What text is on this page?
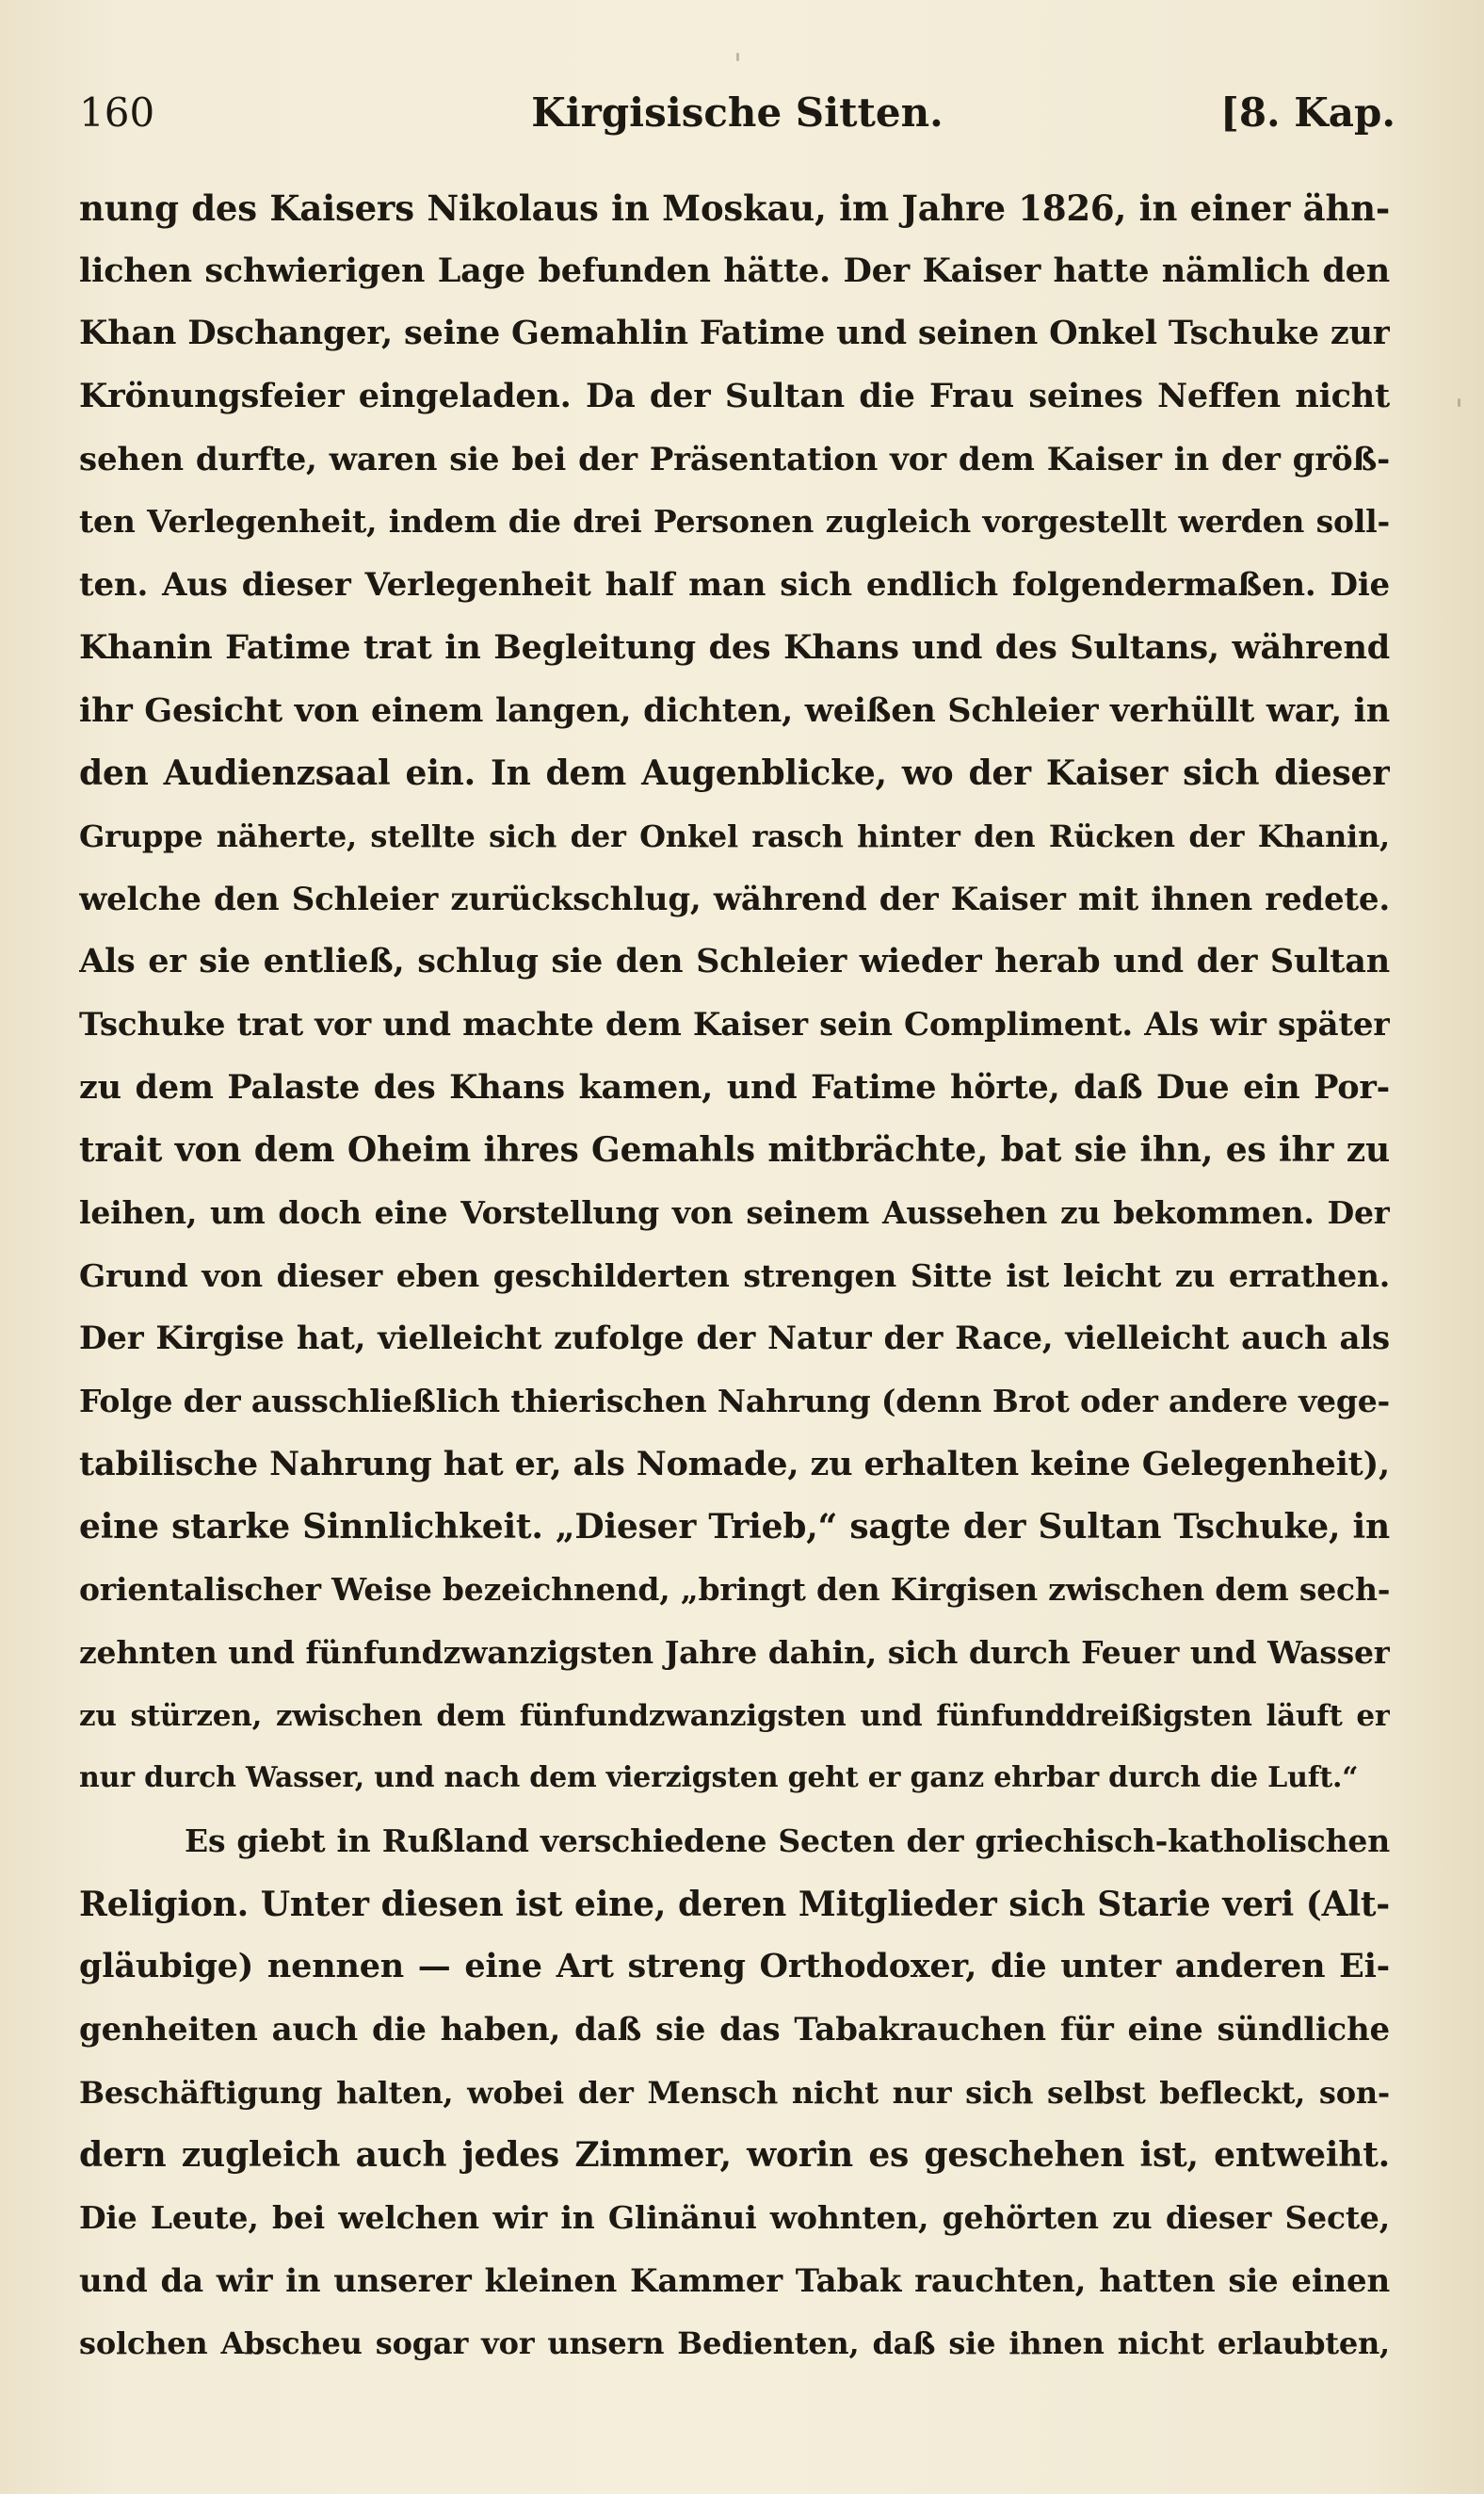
160	Kirgisische Sitten.	[8. Kap.
nung des Kaisers Nikolaus in Moskau, im Jahre 1826, in einer ähn-
lichen schwierigen Lage befunden hätte. Der Kaiser hatte nämlich den
Khan Dschanger, seine Gemahlin Fatime und seinen Onkel Tschuke zur
Krönungsfeier eingeladen. Da der Sultan die Frau seines Neffen nicht
sehen durfte, waren sie bei der Präsentation vor dem Kaiser in der größ-
ten Verlegenheit, indem die drei Personen zugleich vorgestellt werden soll-
ten. Aus dieser Verlegenheit half man sich endlich folgendermaßen. Die
Khanin Fatime trat in Begleitung des Khans und des Sultans, während
ihr Gesicht von einem langen, dichten, weißen Schleier verhüllt war, in
den Audienzsaal ein. In dem Augenblicke, wo der Kaiser sich dieser
Gruppe näherte, stellte sich der Onkel rasch hinter den Rücken der Khanin,
welche den Schleier zurückschlug, während der Kaiser mit ihnen redete.
Als er sie entließ, schlug sie den Schleier wieder herab und der Sultan
Tschuke trat vor und machte dem Kaiser sein Compliment. Als wir später
zu dem Palaste des Khans kamen, und Fatime hörte, daß Due ein Por-
trait von dem Oheim ihres Gemahls mitbrächte, bat sie ihn, es ihr zu
leihen, um doch eine Vorstellung von seinem Aussehen zu bekommen. Der
Grund von dieser eben geschilderten strengen Sitte ist leicht zu errathen.
Der Kirgise hat, vielleicht zufolge der Natur der Race, vielleicht auch als
Folge der ausschließlich thierischen Nahrung (denn Brot oder andere vege-
tabilische Nahrung hat er, als Nomade, zu erhalten keine Gelegenheit),
eine starke Sinnlichkeit. „Dieser Trieb,“ sagte der Sultan Tschuke, in
orientalischer Weise bezeichnend, „bringt den Kirgisen zwischen dem sech-
zehnten und fünfundzwanzigsten Jahre dahin, sich durch Feuer und Wasser
zu stürzen, zwischen dem fünfundzwanzigsten und fünfunddreißigsten läuft er
nur durch Wasser, und nach dem vierzigsten geht er ganz ehrbar durch die Luft.“
Es giebt in Rußland verschiedene Secten der griechisch-katholischen
Religion. Unter diesen ist eine, deren Mitglieder sich Starie veri (Alt-
gläubige) nennen — eine Art streng Orthodoxer, die unter anderen Ei-
genheiten auch die haben, daß sie das Tabakrauchen für eine sündliche
Beschäftigung halten, wobei der Mensch nicht nur sich selbst befleckt, son-
dern zugleich auch jedes Zimmer, worin es geschehen ist, entweiht.
Die Leute, bei welchen wir in Glinänui wohnten, gehörten zu dieser Secte,
und da wir in unserer kleinen Kammer Tabak rauchten, hatten sie einen
solchen Abscheu sogar vor unsern Bedienten, daß sie ihnen nicht erlaubten,
